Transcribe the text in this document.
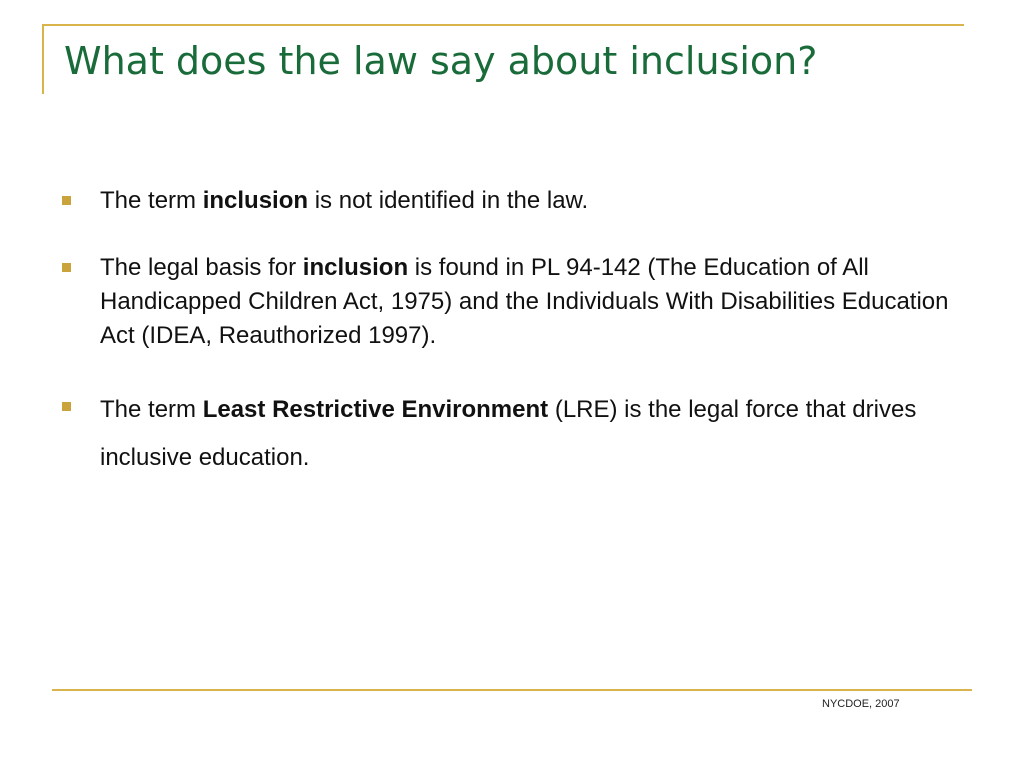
What does the law say about inclusion?
The term inclusion is not identified in the law.
The legal basis for inclusion is found in PL 94-142 (The Education of All Handicapped Children Act, 1975) and the Individuals With Disabilities Education Act (IDEA, Reauthorized 1997).
The term Least Restrictive Environment (LRE) is the legal force that drives inclusive education.
NYCDOE, 2007
